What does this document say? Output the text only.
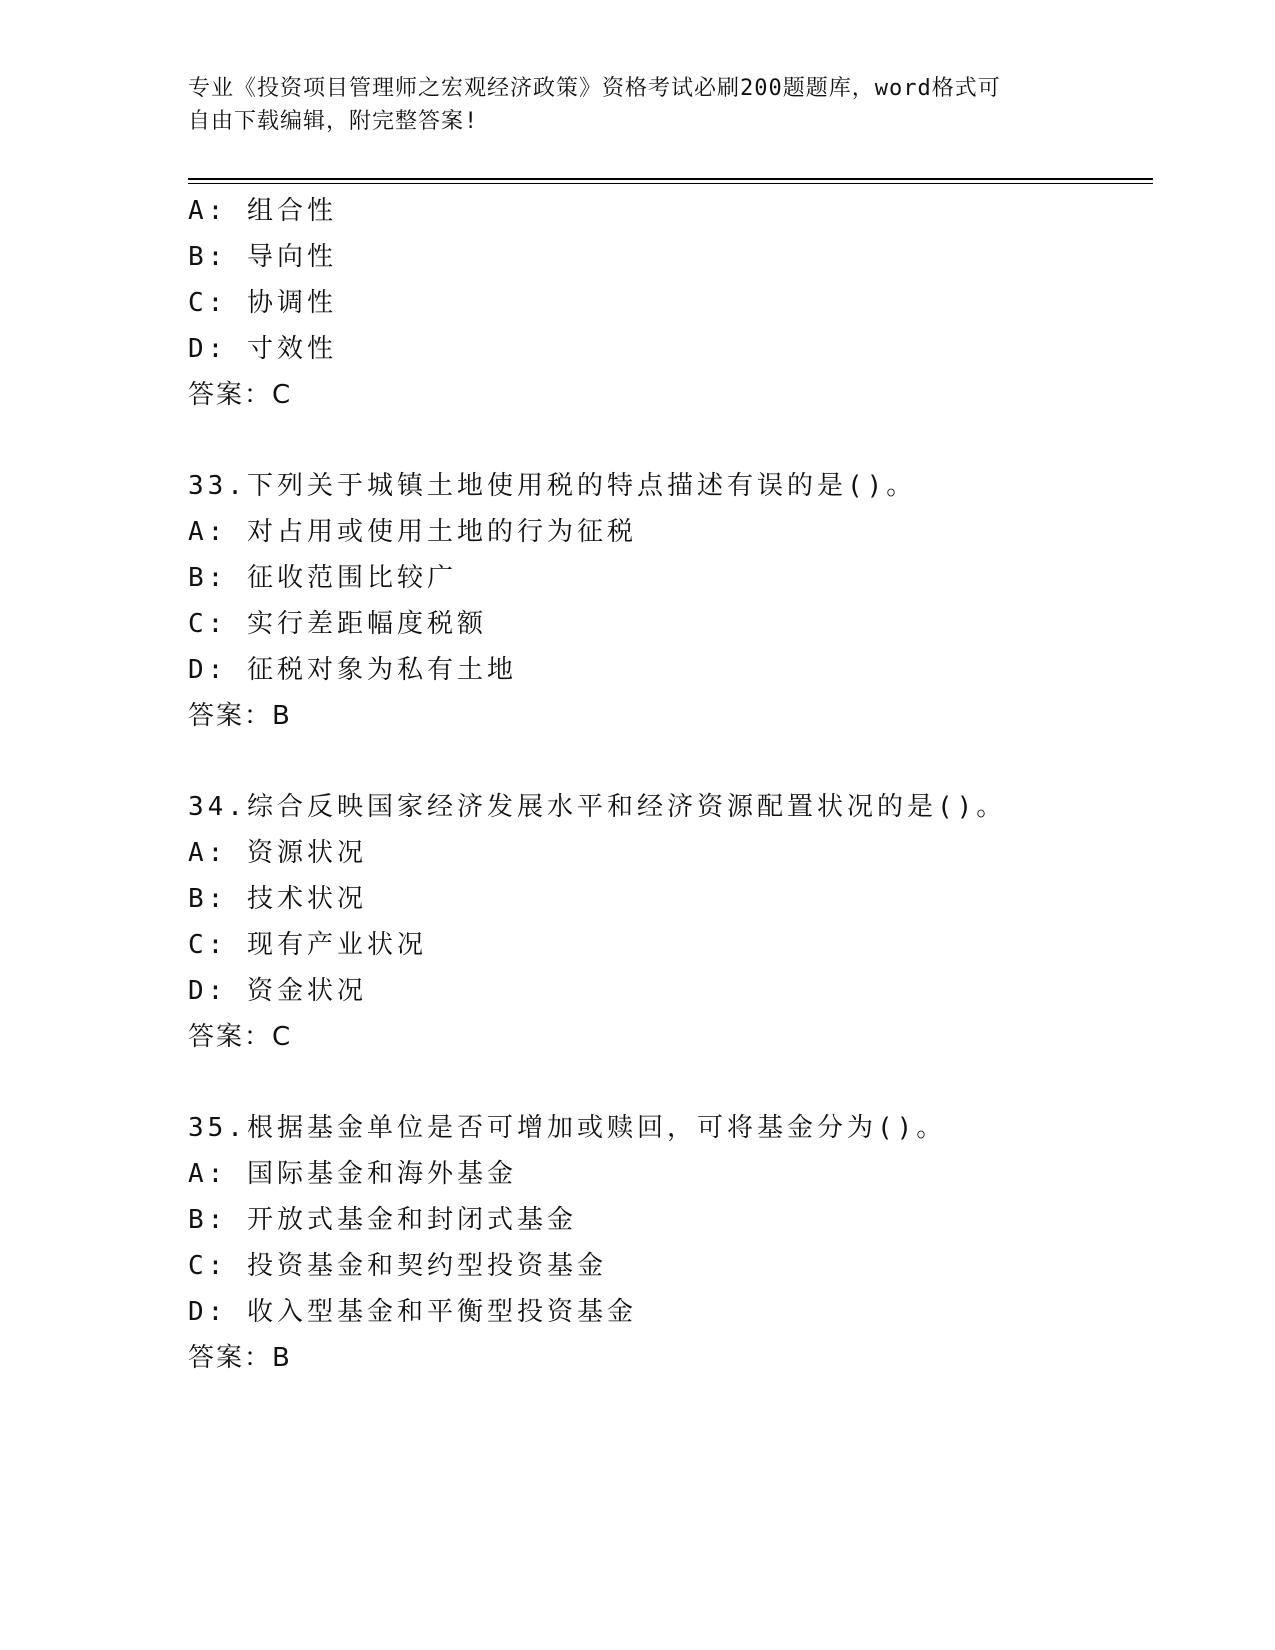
专业《投资项目管理师之宏观经济政策》资格考试必刷200题题库，word格式可
自由下载编辑，附完整答案!
A: 组合性
B: 导向性
C: 协调性
D: 寸效性
答案：C
33.下列关于城镇土地使用税的特点描述有误的是()。
A: 对占用或使用土地的行为征税
B: 征收范围比较广
C: 实行差距幅度税额
D: 征税对象为私有土地
答案：B
34.综合反映国家经济发展水平和经济资源配置状况的是()。
A: 资源状况
B: 技术状况
C: 现有产业状况
D: 资金状况
答案：C
35.根据基金单位是否可增加或赎回，可将基金分为()。
A: 国际基金和海外基金
B: 开放式基金和封闭式基金
C: 投资基金和契约型投资基金
D: 收入型基金和平衡型投资基金
答案：B
